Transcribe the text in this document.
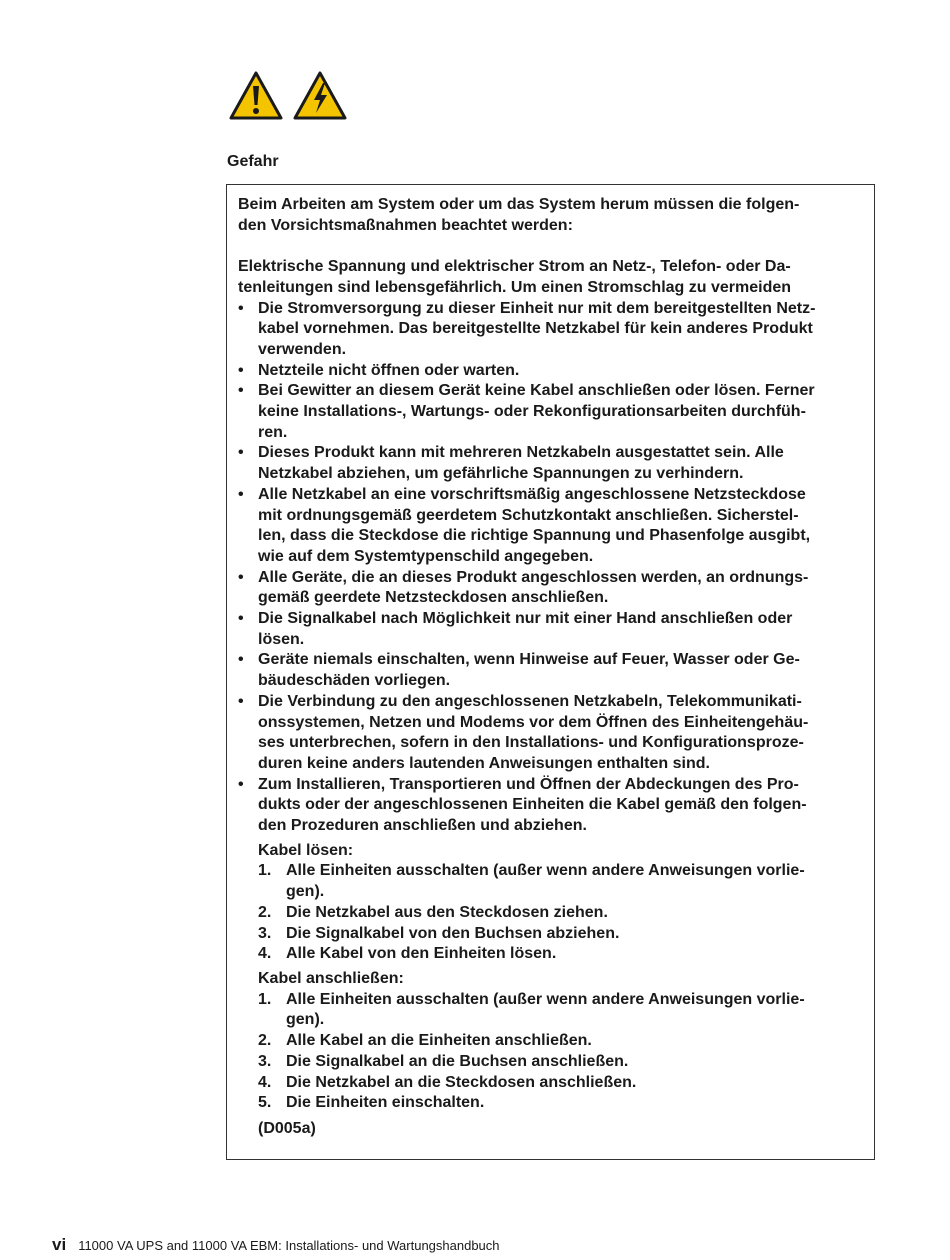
Gefahr
Beim Arbeiten am System oder um das System herum müssen die folgen-
den Vorsichtsmaßnahmen beachtet werden:
Elektrische Spannung und elektrischer Strom an Netz-, Telefon- oder Da-
tenleitungen sind lebensgefährlich. Um einen Stromschlag zu vermeiden
• Die Stromversorgung zu dieser Einheit nur mit dem bereitgestellten Netz-
kabel vornehmen. Das bereitgestellte Netzkabel für kein anderes Produkt
verwenden.
• Netzteile nicht öffnen oder warten.
• Bei Gewitter an diesem Gerät keine Kabel anschließen oder lösen. Ferner
keine Installations-, Wartungs- oder Rekonfigurationsarbeiten durchfüh-
ren.
• Dieses Produkt kann mit mehreren Netzkabeln ausgestattet sein. Alle
Netzkabel abziehen, um gefährliche Spannungen zu verhindern.
• Alle Netzkabel an eine vorschriftsmäßig angeschlossene Netzsteckdose
mit ordnungsgemäß geerdetem Schutzkontakt anschließen. Sicherstel-
len, dass die Steckdose die richtige Spannung und Phasenfolge ausgibt,
wie auf dem Systemtypenschild angegeben.
• Alle Geräte, die an dieses Produkt angeschlossen werden, an ordnungs-
gemäß geerdete Netzsteckdosen anschließen.
• Die Signalkabel nach Möglichkeit nur mit einer Hand anschließen oder
lösen.
• Geräte niemals einschalten, wenn Hinweise auf Feuer, Wasser oder Ge-
bäudeschäden vorliegen.
• Die Verbindung zu den angeschlossenen Netzkabeln, Telekommunikati-
onssystemen, Netzen und Modems vor dem Öffnen des Einheitengehäu-
ses unterbrechen, sofern in den Installations- und Konfigurationsproze-
duren keine anders lautenden Anweisungen enthalten sind.
• Zum Installieren, Transportieren und Öffnen der Abdeckungen des Pro-
dukts oder der angeschlossenen Einheiten die Kabel gemäß den folgen-
den Prozeduren anschließen und abziehen.
Kabel lösen:
1. Alle Einheiten ausschalten (außer wenn andere Anweisungen vorlie-
gen).
2. Die Netzkabel aus den Steckdosen ziehen.
3. Die Signalkabel von den Buchsen abziehen.
4. Alle Kabel von den Einheiten lösen.
Kabel anschließen:
1. Alle Einheiten ausschalten (außer wenn andere Anweisungen vorlie-
gen).
2. Alle Kabel an die Einheiten anschließen.
3. Die Signalkabel an die Buchsen anschließen.
4. Die Netzkabel an die Steckdosen anschließen.
5. Die Einheiten einschalten.
(D005a)
vi 11000 VA UPS and 11000 VA EBM: Installations- und Wartungshandbuch
